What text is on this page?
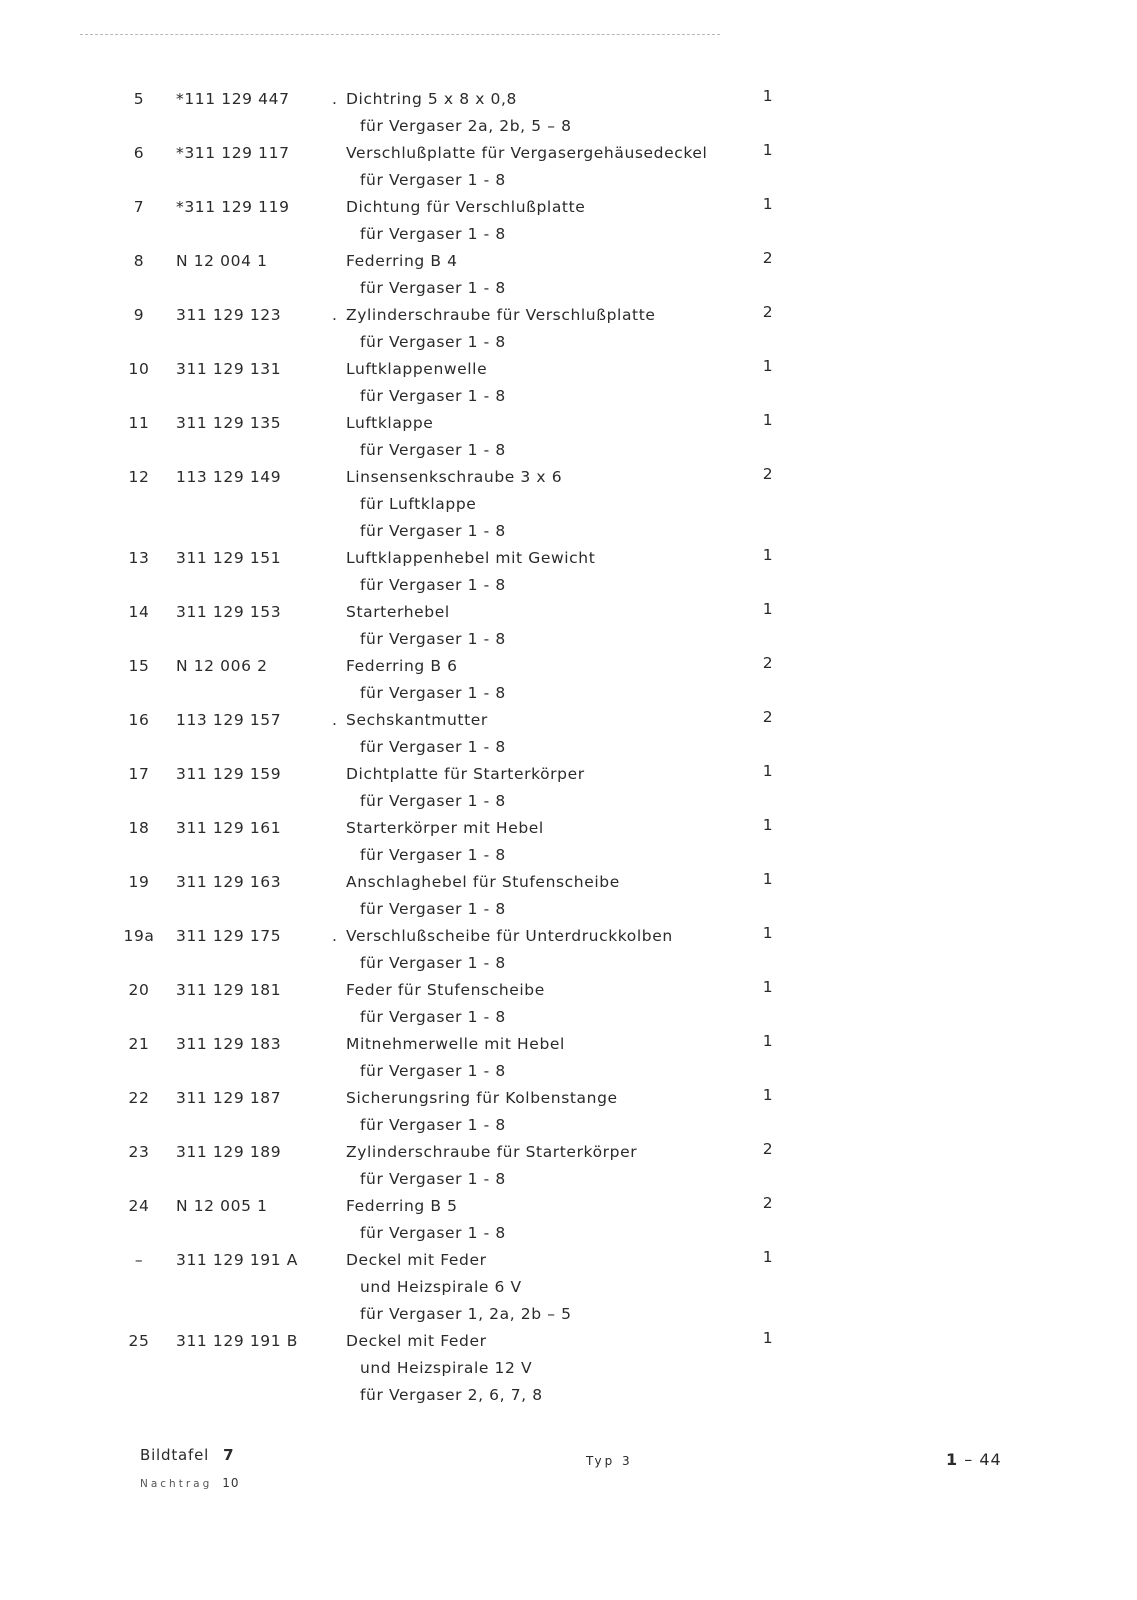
5	*111 129 447	. Dichtring 5 x 8 x 0,8	1
für Vergaser 2a, 2b, 5 – 8
6	*311 129 117	Verschlußplatte für Vergasergehäusedeckel	1
für Vergaser 1 - 8
7	*311 129 119	Dichtung für Verschlußplatte	1
für Vergaser 1 - 8
8	N 12 004 1	Federring B 4	2
für Vergaser 1 - 8
9	311 129 123	. Zylinderschraube für Verschlußplatte	2
für Vergaser 1 - 8
10	311 129 131	Luftklappenwelle	1
für Vergaser 1 - 8
11	311 129 135	Luftklappe	1
für Vergaser 1 - 8
12	113 129 149	Linsensenkschraube 3 x 6	2
für Luftklappe
für Vergaser 1 - 8
13	311 129 151	Luftklappenhebel mit Gewicht	1
für Vergaser 1 - 8
14	311 129 153	Starterhebel	1
für Vergaser 1 - 8
15	N 12 006 2	Federring B 6	2
für Vergaser 1 - 8
16	113 129 157	. Sechskantmutter	2
für Vergaser 1 - 8
17	311 129 159	Dichtplatte für Starterkörper	1
für Vergaser 1 - 8
18	311 129 161	Starterkörper mit Hebel	1
für Vergaser 1 - 8
19	311 129 163	Anschlaghebel für Stufenscheibe	1
für Vergaser 1 - 8
19a	311 129 175	. Verschlußscheibe für Unterdruckkolben	1
für Vergaser 1 - 8
20	311 129 181	Feder für Stufenscheibe	1
für Vergaser 1 - 8
21	311 129 183	Mitnehmerwelle mit Hebel	1
für Vergaser 1 - 8
22	311 129 187	Sicherungsring für Kolbenstange	1
für Vergaser 1 - 8
23	311 129 189	Zylinderschraube für Starterkörper	2
für Vergaser 1 - 8
24	N 12 005 1	Federring B 5	2
für Vergaser 1 - 8
–	311 129 191 A	Deckel mit Feder	1
und Heizspirale 6 V
für Vergaser 1, 2a, 2b – 5
25	311 129 191 B	Deckel mit Feder	1
und Heizspirale 12 V
für Vergaser 2, 6, 7, 8
Bildtafel 7
Nachtrag 10
Typ 3	1 – 44
